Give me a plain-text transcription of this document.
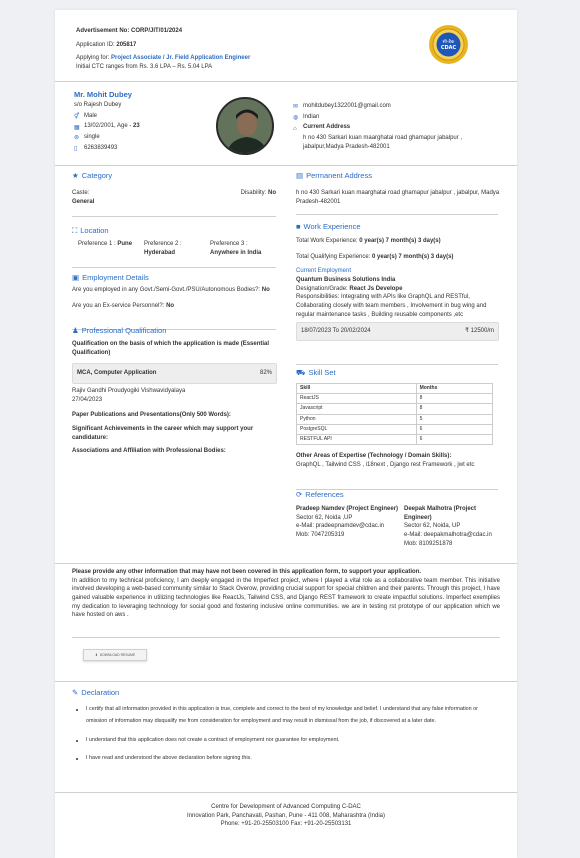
Advertisement No: CORP/JIT/01/2024
Application ID: 205817
Applying for: Project Associate / Jr. Field Application Engineer
Initial CTC ranges from Rs. 3.6 LPA – Rs. 5.04 LPA
सी-डैक
CDAC
Mr. Mohit Dubey
s/o Rajesh Dubey
⚥ Male
▦ 13/02/2001, Age - 23
⊚ single
▯	6263839493
✉ mohitdubey1322001@gmail.com
◍ Indian
⌂	Current Address
h no 430 Sarkari kuan maarghatai road ghamapur jabalpur , jabalpur,Madya Pradesh-482001
★ Category
Caste:
General
Disability: No
⛶ Location
Preference 1 : Pune	Preference 2 :
Hyderabad
Preference 3 :
Anywhere in India
▣ Employment Details
Are you employed in any Govt./Semi-Govt./PSU/Autonomous Bodies?: No
Are you an Ex-service Personnel?: No
♟ Professional Qualification
Qualification on the basis of which the application is made (Essential Qualification)
MCA, Computer Application	82%
Rajiv Gandhi Proudyogiki Vishwavidyalaya
27/04/2023
Paper Publications and Presentations(Only 500 Words):
Significant Achievements in the career which may support your candidature:
Associations and Affiliation with Professional Bodies:
▤ Permanent Address
h no 430 Sarkari kuan maarghatai road ghamapur jabalpur , jabalpur, Madya Pradesh-482001
■ Work Experience
Total Work Experience: 0 year(s) 7 month(s) 3 day(s)
Total Qualifying Experience: 0 year(s) 7 month(s) 3 day(s)
Current Employment
Quantum Business Solutions India
Designation/Grade: React Js Develope
Responsibilities: Integrating with APIs like GraphQL and RESTful, Collaborating closely with team members , Involvement in bug wing and regular maintenance tasks , Building reusable components ,etc
18/07/2023 To 20/02/2024	₹ 12500/m
⛟ Skill Set
Skill	Months
ReactJS	8
Javascript	8
Python	5
PostgreSQL	6
RESTFUL API	6
Other Areas of Expertise (Technology / Domain Skills):
GraphQL , Tailwind CSS , i18next , Django rest Framework , jwt etc
⟳ References
Pradeep Namdev (Project Engineer)
Sector 62, Noida ,UP
e-Mail: pradeepnamdev@cdac.in
Mob: 7047205319
Deepak Malhotra (Project Engineer)
Sector 62, Noida, UP
e-Mail: deepakmalhotra@cdac.in
Mob: 8109251878
Please provide any other information that may have not been covered in this application form, to support your application.
In addition to my technical proficiency, I am deeply engaged in the Imperfect project, where I played a vital role as a collaborative team member. This initiative involved developing a web-based community similar to Stack Overow, providing crucial support for special children and their parents. Through this project, I have gained valuable experience in utilizing technologies like ReactJs, Tailwind CSS, and Django REST framework to create impactful solutions. Imperfect exemplies my dedication to leveraging technology for social good and fostering inclusive online communities. we are in testing rst prototype of our application which we have hosted on aws .
⬇ DOWNLOAD RESUME
✎ Declaration
I certify that all information provided in this application is true, complete and correct to the best of my knowledge and belief. I understand that any false information or omission of information may disqualify me from consideration for employment and may result in dismissal from the job, if discovered at a later date.
I understand that this application does not create a contract of employment nor guarantee for employment.
I have read and understood the above declaration before signing this.
Centre for Development of Advanced Computing C-DAC
Innovation Park, Panchavati, Pashan, Pune - 411 008, Maharashtra (India)
Phone: +91-20-25503100 Fax: +91-20-25503131
